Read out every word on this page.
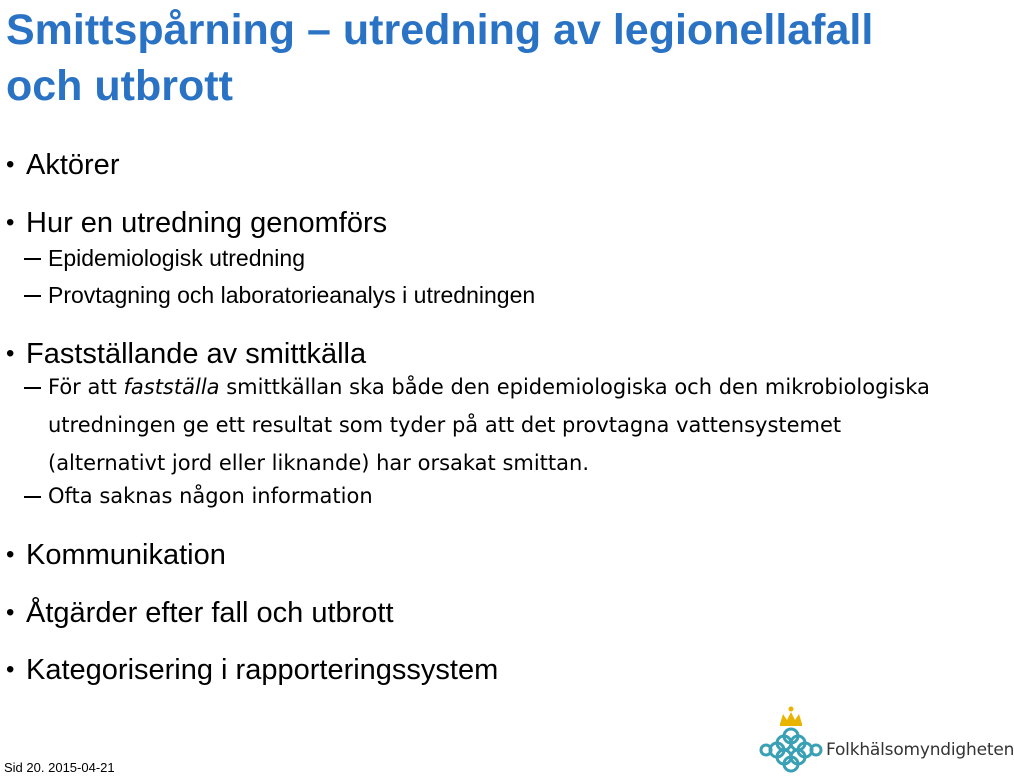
Smittspårning – utredning av legionellafall och utbrott
• Aktörer
• Hur en utredning genomförs
Epidemiologisk utredning
Provtagning och laboratorieanalys i utredningen
• Fastställande av smittkälla
För att fastställa smittkällan ska både den epidemiologiska och den mikrobiologiska utredningen ge ett resultat som tyder på att det provtagna vattensystemet (alternativt jord eller liknande) har orsakat smittan.
Ofta saknas någon information
• Kommunikation
• Åtgärder efter fall och utbrott
• Kategorisering i rapporteringssystem
Sid 20. 2015-04-21
Folkhälsomyndigheten
